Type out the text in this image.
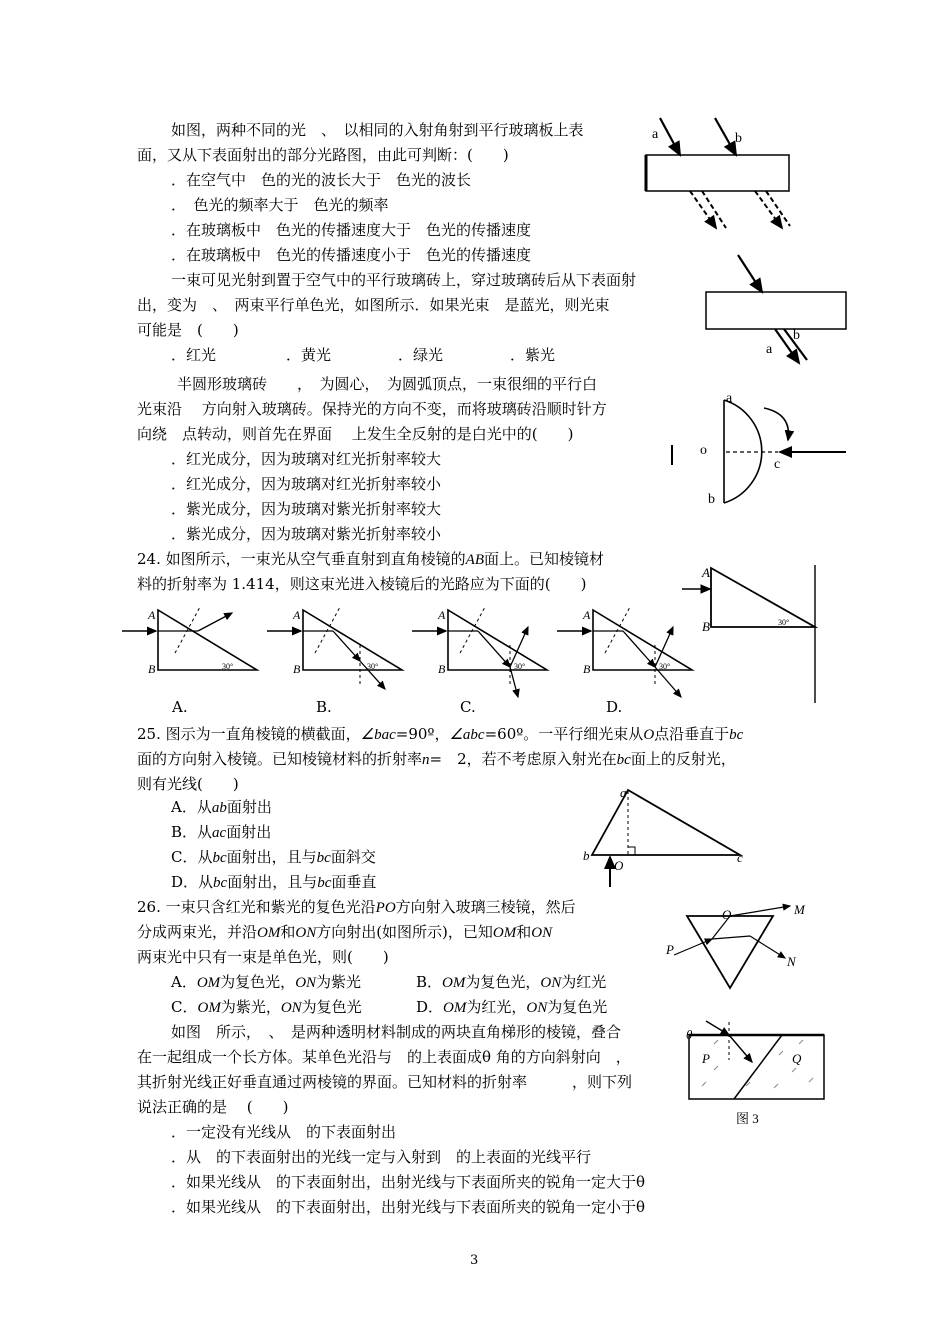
如图，两种不同的光　、　以相同的入射角射到平行玻璃板上表
面，又从下表面射出的部分光路图，由此可判断：(　　)
．在空气中　色的光的波长大于　色光的波长
．　色光的频率大于　色光的频率
．在玻璃板中　色光的传播速度大于　色光的传播速度
．在玻璃板中　色光的传播速度小于　色光的传播速度
a	b
一束可见光射到置于空气中的平行玻璃砖上，穿过玻璃砖后从下表面射
出，变为　、　两束平行单色光，如图所示．如果光束　是蓝光，则光束
可能是　(　　)
．红光	．黄光	．绿光	．紫光	a
b
半圆形玻璃砖　　，　为圆心，　为圆弧顶点，一束很细的平行白
光束沿　 方向射入玻璃砖。保持光的方向不变，而将玻璃砖沿顺时针方
向绕　点转动，则首先在界面　 上发生全反射的是白光中的(　　)
．红光成分，因为玻璃对红光折射率较大
．红光成分，因为玻璃对红光折射率较小
．紫光成分，因为玻璃对紫光折射率较大
．紫光成分，因为玻璃对紫光折射率较小
a
o
c
b
24. 如图所示，一束光从空气垂直射到直角棱镜的AB面上。已知棱镜材
料的折射率为 1.414，则这束光进入棱镜后的光路应为下面的(　　)
A
B	30°
A
B	30°
A.
A
B	30°
B.
A
B	30°
C.
A
B	30°
D.
25. 图示为一直角棱镜的横截面，∠bac=90º，∠abc=60º。一平行细光束从O点沿垂直于bc
面的方向射入棱镜。已知棱镜材料的折射率n=　2，若不考虑原入射光在bc面上的反射光，
则有光线(　　)
A．从ab面射出
B．从ac面射出
C．从bc面射出，且与bc面斜交
D．从bc面射出，且与bc面垂直
a
b	c
O
26. 一束只含红光和紫光的复色光沿PO方向射入玻璃三棱镜，然后
分成两束光，并沿OM和ON方向射出(如图所示)，已知OM和ON
两束光中只有一束是单色光，则(　　)
A．OM为复色光，ON为紫光	B．OM为复色光，ON为红光
C．OM为紫光，ON为复色光	D．OM为红光，ON为复色光
O	M
P
N
如图　所示，　、　是两种透明材料制成的两块直角梯形的棱镜，叠合
在一起组成一个长方体。某单色光沿与　的上表面成θ 角的方向斜射向　，
其折射光线正好垂直通过两棱镜的界面。已知材料的折射率　　　，则下列
说法正确的是　 (　　)
．一定没有光线从　的下表面射出
．从　的下表面射出的光线一定与入射到　的上表面的光线平行
．如果光线从　的下表面射出，出射光线与下表面所夹的锐角一定大于θ
．如果光线从　的下表面射出，出射光线与下表面所夹的锐角一定小于θ
θ
P	Q
图 3
3
